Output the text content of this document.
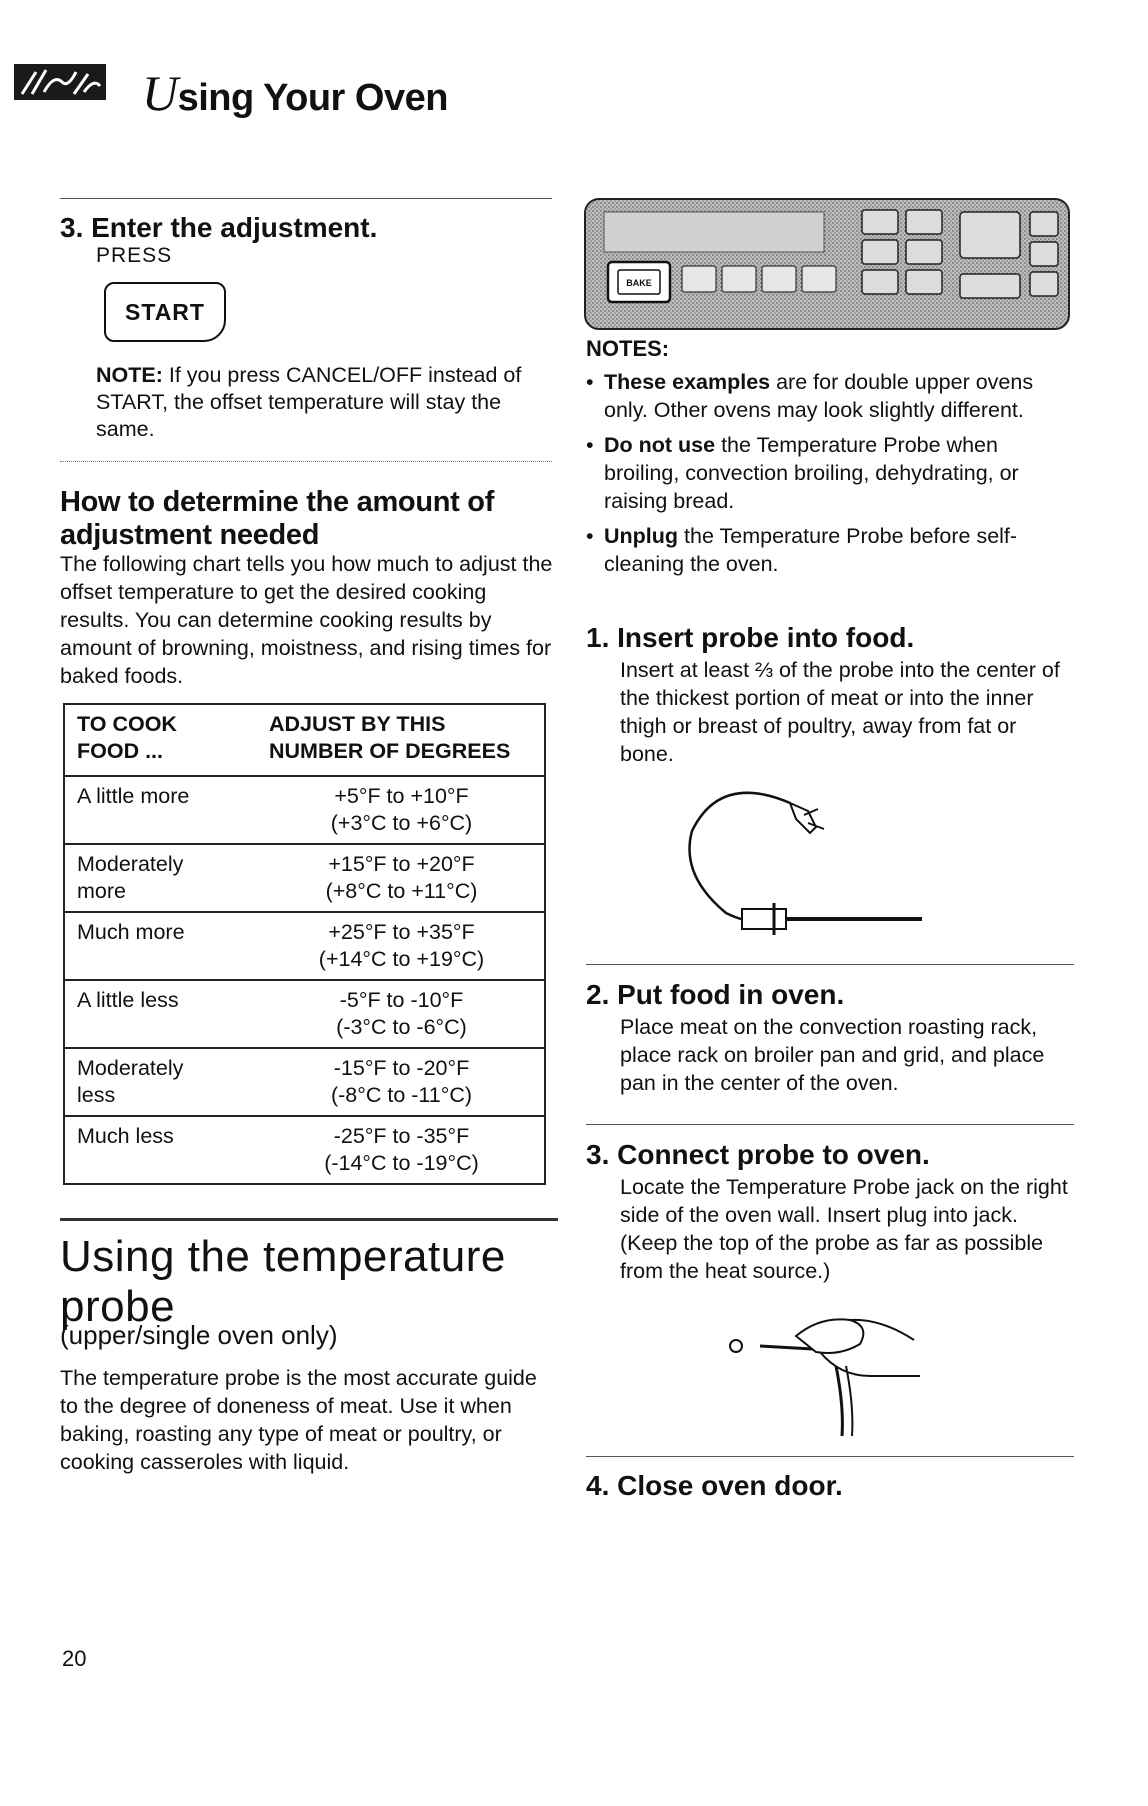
Using Your Oven
3. Enter the adjustment.
PRESS
START
NOTE: If you press CANCEL/OFF instead of START, the offset temperature will stay the same.
How to determine the amount of
adjustment needed
The following chart tells you how much to adjust the offset temperature to get the desired cooking results. You can determine cooking results by amount of browning, moistness, and rising times for baked foods.
TO COOK
FOOD ...	ADJUST BY THIS
NUMBER OF DEGREES
A little more	+5°F to +10°F
(+3°C to +6°C)
Moderately
more	+15°F to +20°F
(+8°C to +11°C)
Much more	+25°F to +35°F
(+14°C to +19°C)
A little less	-5°F to -10°F
(-3°C to -6°C)
Moderately
less	-15°F to -20°F
(-8°C to -11°C)
Much less	-25°F to -35°F
(-14°C to -19°C)
Using the temperature
probe
(upper/single oven only)
The temperature probe is the most accurate guide to the degree of doneness of meat. Use it when baking, roasting any type of meat or poultry, or cooking casseroles with liquid.
BAKE
NOTES:
• These examples are for double upper ovens only. Other ovens may look slightly different.
• Do not use the Temperature Probe when broiling, convection broiling, dehydrating, or raising bread.
• Unplug the Temperature Probe before self-cleaning the oven.
1. Insert probe into food.
Insert at least ⅔ of the probe into the center of the thickest portion of meat or into the inner thigh or breast of poultry, away from fat or bone.
2. Put food in oven.
Place meat on the convection roasting rack, place rack on broiler pan and grid, and place pan in the center of the oven.
3. Connect probe to oven.
Locate the Temperature Probe jack on the right side of the oven wall. Insert plug into jack. (Keep the top of the probe as far as possible from the heat source.)
4. Close oven door.
20
